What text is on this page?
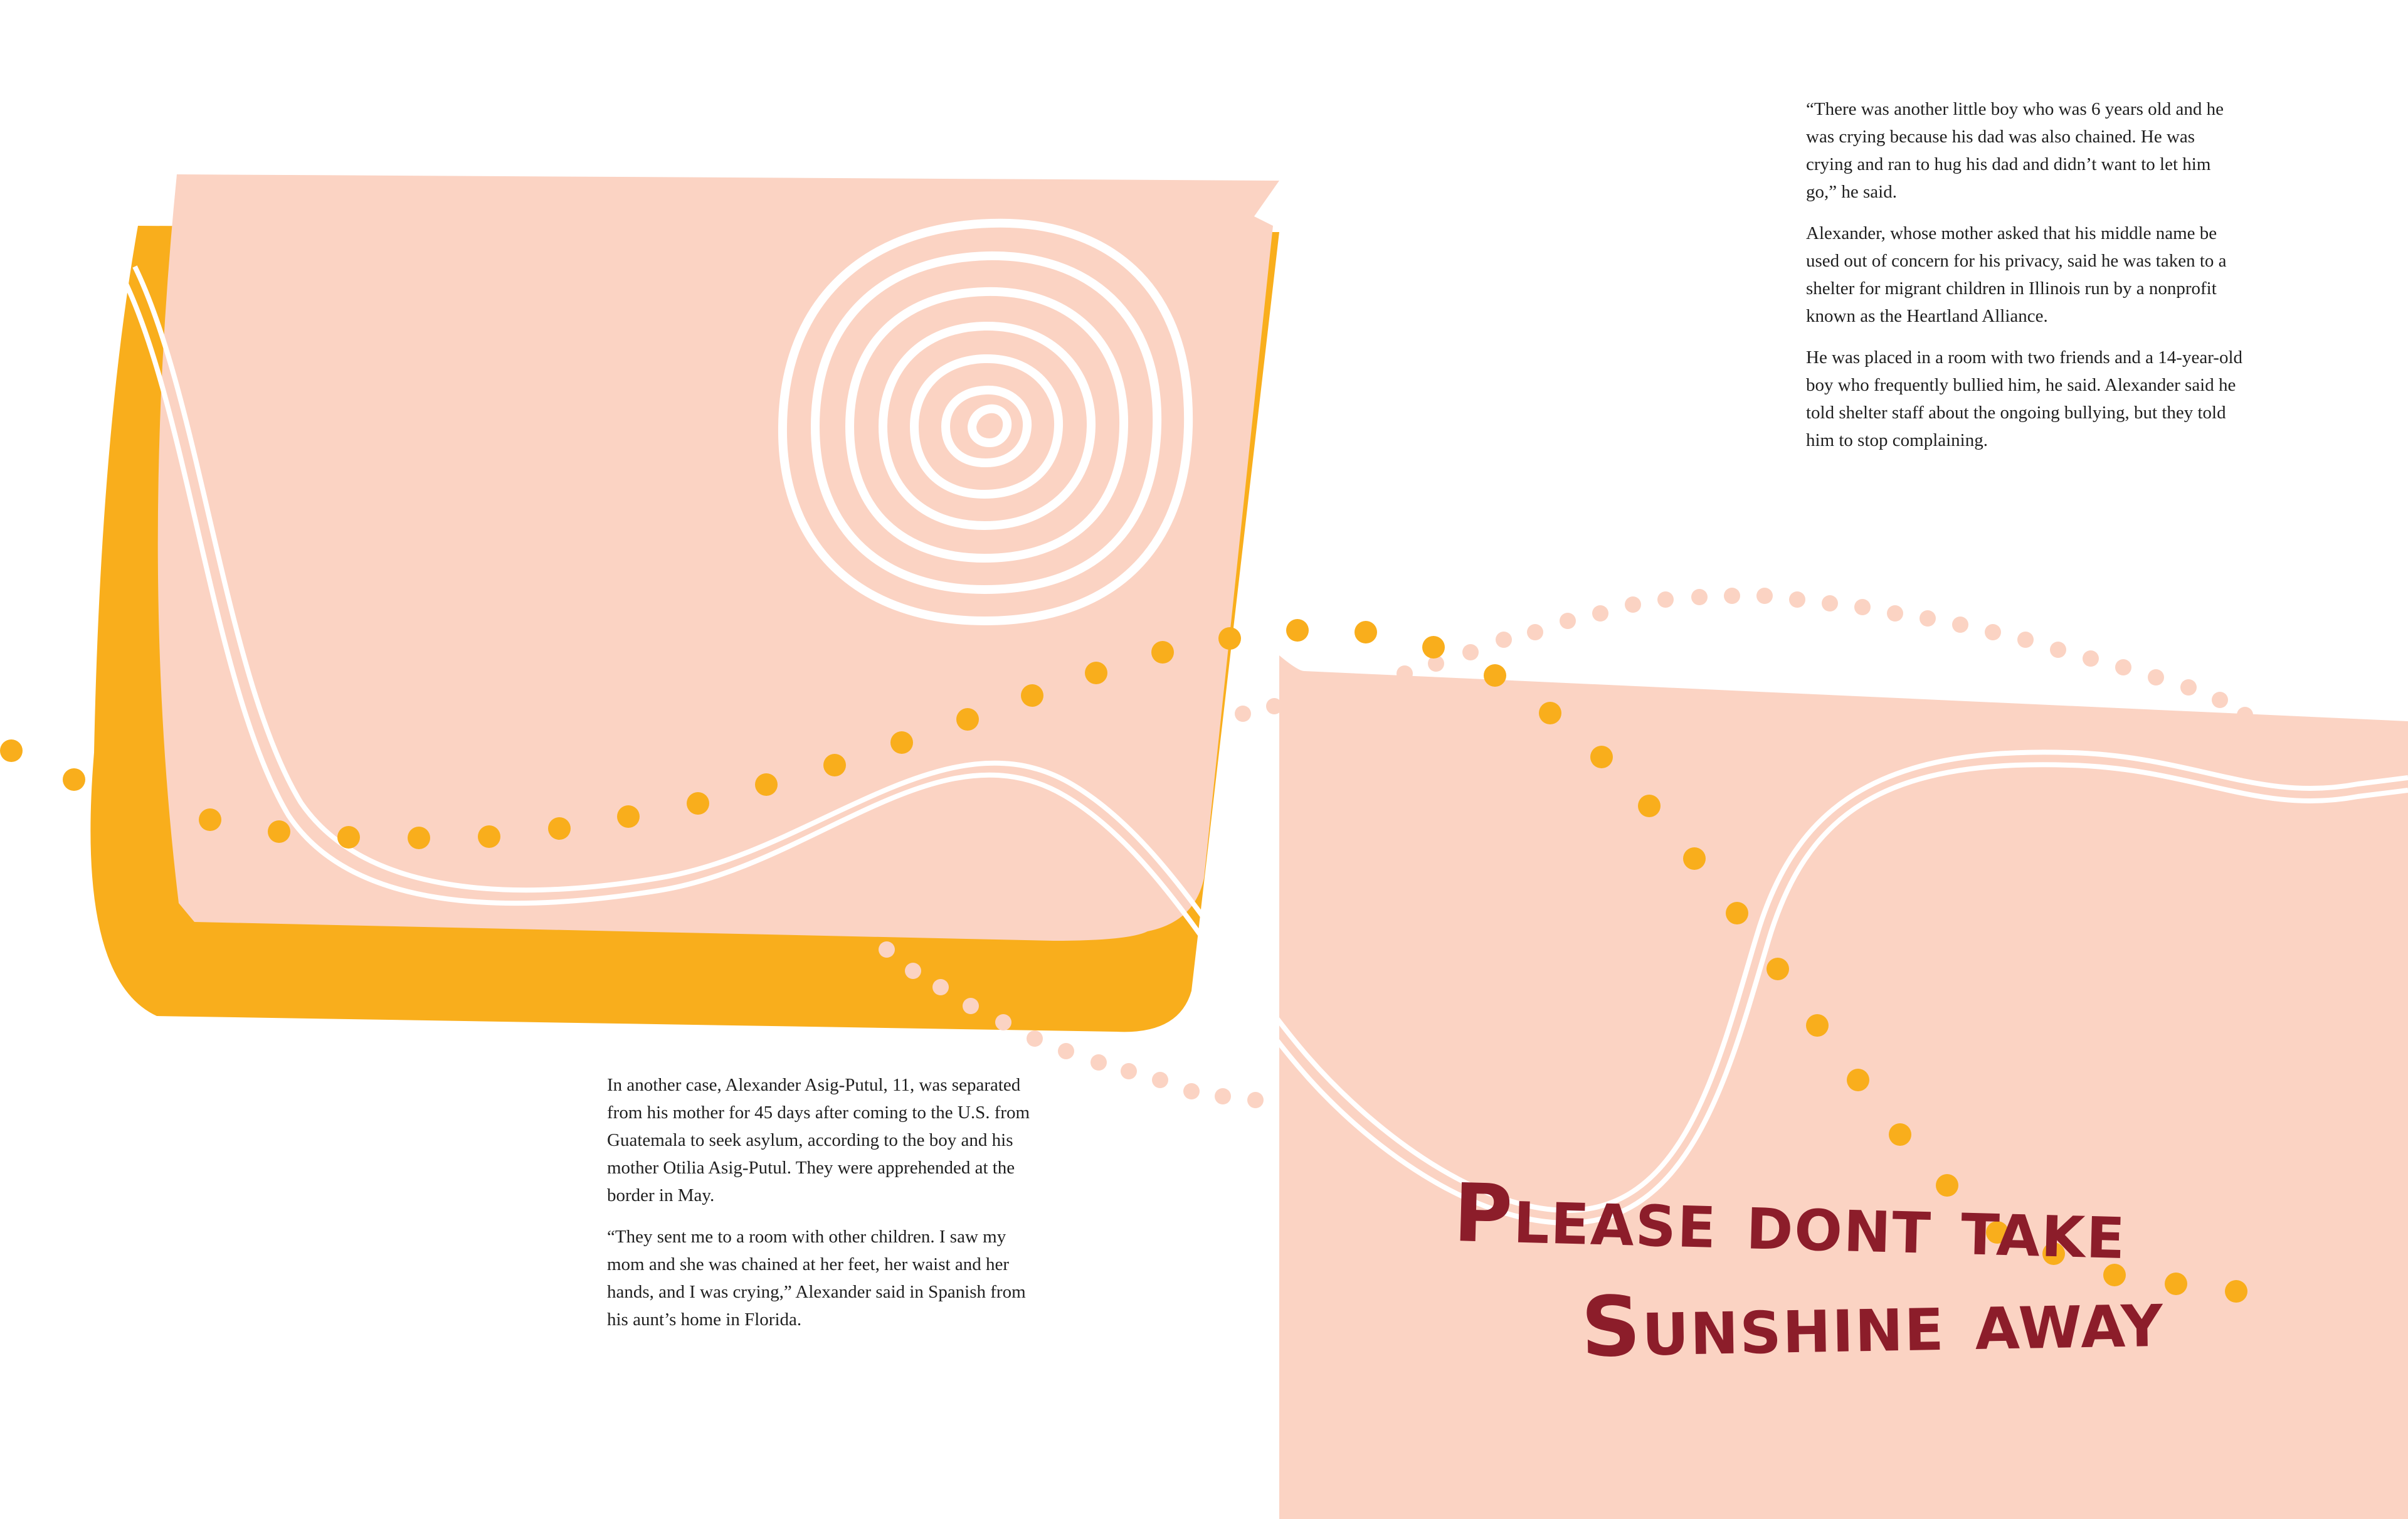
“There was another little boy who was 6 years old and he was crying because his dad was also chained. He was crying and ran to hug his dad and didn’t want to let him go,” he said.

Alexander, whose mother asked that his middle name be used out of concern for his privacy, said he was taken to a shelter for migrant children in Illinois run by a nonprofit known as the Heartland Alliance.

He was placed in a room with two friends and a 14-year-old boy who frequently bullied him, he said. Alexander said he told shelter staff about the ongoing bullying, but they told him to stop complaining.

In another case, Alexander Asig-Putul, 11, was separated from his mother for 45 days after coming to the U.S. from Guatemala to seek asylum, according to the boy and his mother Otilia Asig-Putul. They were apprehended at the border in May.

“They sent me to a room with other children. I saw my mom and she was chained at her feet, her waist and her hands, and I was crying,” Alexander said in Spanish from his aunt’s home in Florida.

Please dont take
Sunshine away
